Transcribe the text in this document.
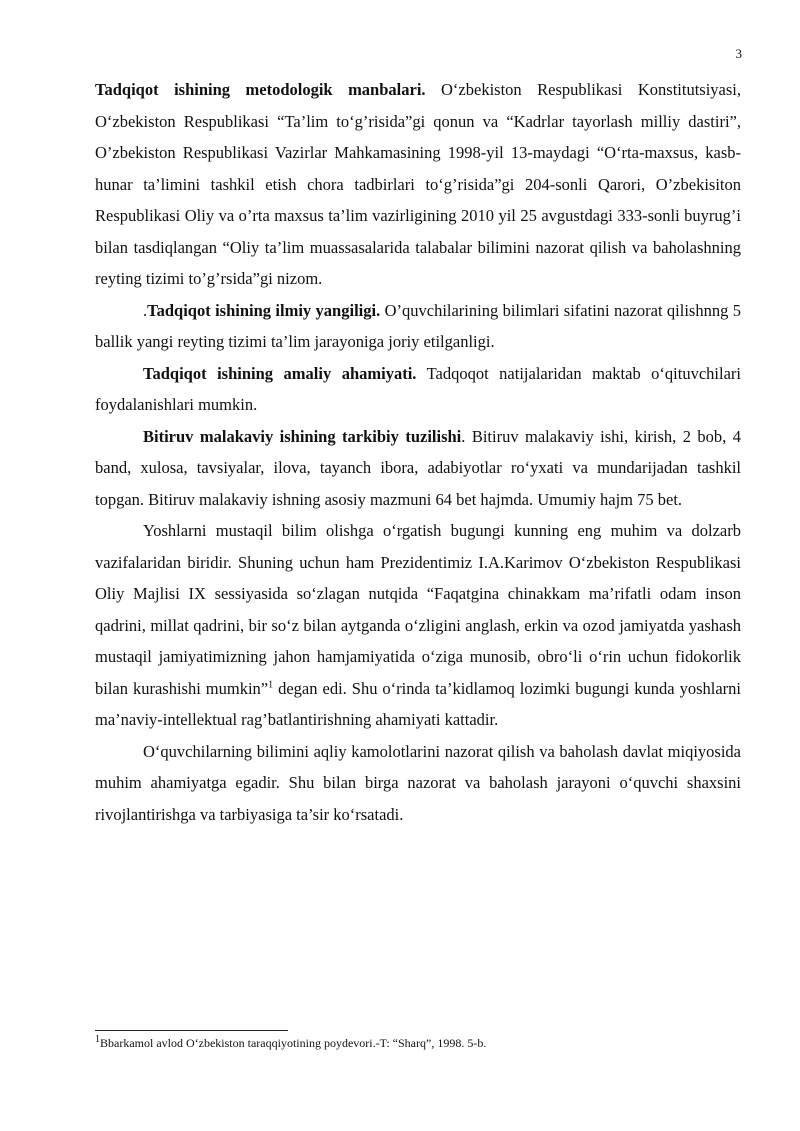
3

Tadqiqot ishining metodologik manbalari. O‘zbekiston Respublikasi Konstitutsiyasi, O‘zbekiston Respublikasi “Ta’lim to‘g’risida”gi qonun va “Kadrlar tayorlash milliy dastiri”, O’zbekiston Respublikasi Vazirlar Mahkamasining 1998-yil 13-maydagi “O‘rta-maxsus, kasb-hunar ta’limini tashkil etish chora tadbirlari to‘g’risida”gi 204-sonli Qarori, O’zbekisiton Respublikasi Oliy va o’rta maxsus ta’lim vazirligining 2010 yil 25 avgustdagi 333-sonli buyrug’i bilan tasdiqlangan “Oliy ta’lim muassasalarida talabalar bilimini nazorat qilish va baholashning reyting tizimi to’g’rsida”gi nizom.

.Tadqiqot ishining ilmiy yangiligi. O’quvchilarining bilimlari sifatini nazorat qilishnng 5 ballik yangi reyting tizimi ta’lim jarayoniga joriy etilganligi.

Tadqiqot ishining amaliy ahamiyati. Tadqoqot natijalaridan maktab o‘qituvchilari foydalanishlari mumkin.

Bitiruv malakaviy ishining tarkibiy tuzilishi. Bitiruv malakaviy ishi, kirish, 2 bob, 4 band, xulosa, tavsiyalar, ilova, tayanch ibora, adabiyotlar ro‘yxati va mundarijadan tashkil topgan. Bitiruv malakaviy ishning asosiy mazmuni 64 bet hajmda. Umumiy hajm 75 bet.

Yoshlarni mustaqil bilim olishga o‘rgatish bugungi kunning eng muhim va dolzarb vazifalaridan biridir. Shuning uchun ham Prezidentimiz I.A.Karimov O‘zbekiston Respublikasi Oliy Majlisi IX sessiyasida so‘zlagan nutqida “Faqatgina chinakkam ma’rifatli odam inson qadrini, millat qadrini, bir so‘z bilan aytganda o‘zligini anglash, erkin va ozod jamiyatda yashash mustaqil jamiyatimizning jahon hamjamiyatida o‘ziga munosib, obro‘li o‘rin uchun fidokorlik bilan kurashishi mumkin”$^1$ degan edi. Shu o‘rinda ta’kidlamoq lozimki bugungi kunda yoshlarni ma’naviy-intellektual rag’batlantirishning ahamiyati kattadir.

O‘quvchilarning bilimini aqliy kamolotlarini nazorat qilish va baholash davlat miqiyosida muhim ahamiyatga egadir. Shu bilan birga nazorat va baholash jarayoni o‘quvchi shaxsini rivojlantirishga va tarbiyasiga ta’sir ko‘rsatadi.

$^1$Bbarkamol avlod O‘zbekiston taraqqiyotining poydevori.-T: “Sharq”, 1998. 5-b.
